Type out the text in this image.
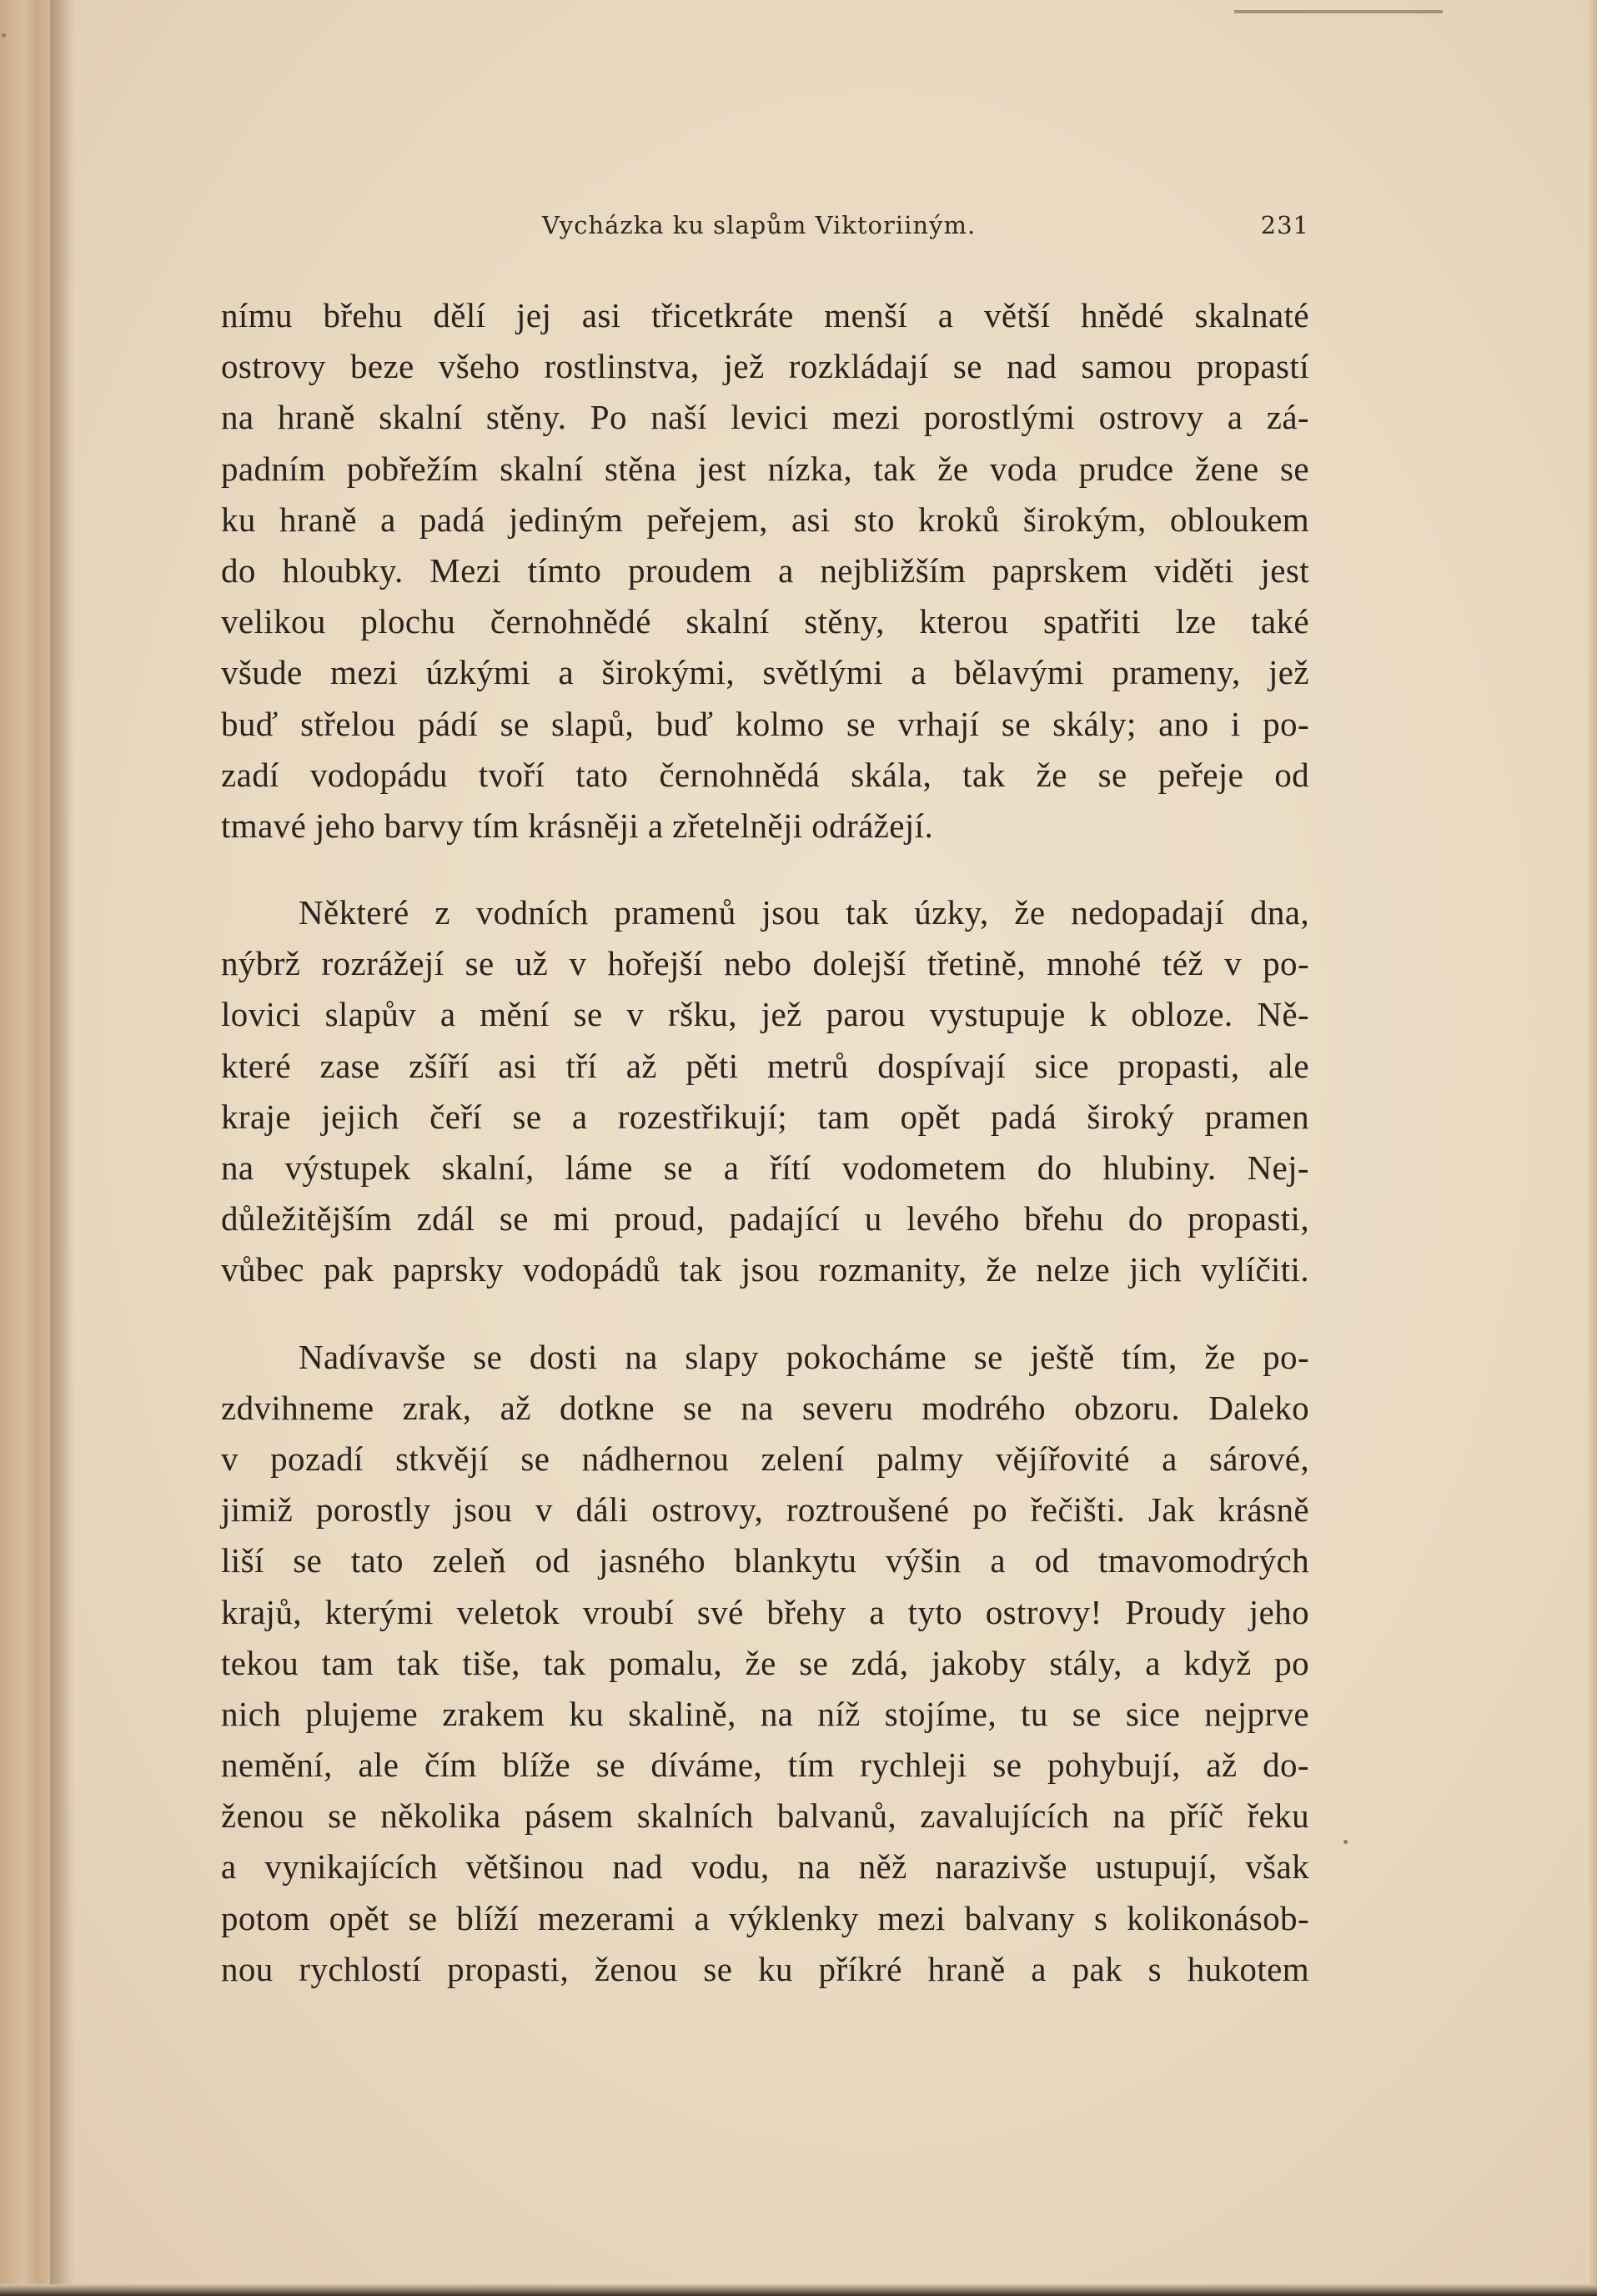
Vycházka ku slapům Viktoriiným.	231
nímu břehu dělí jej asi třicetkráte menší a větší hnědé skalnaté
ostrovy beze všeho rostlinstva, jež rozkládají se nad samou propastí
na hraně skalní stěny. Po naší levici mezi porostlými ostrovy a zá-
padním pobřežím skalní stěna jest nízka, tak že voda prudce žene se
ku hraně a padá jediným peřejem, asi sto kroků širokým, obloukem
do hloubky. Mezi tímto proudem a nejbližším paprskem viděti jest
velikou plochu černohnědé skalní stěny, kterou spatřiti lze také
všude mezi úzkými a širokými, světlými a bělavými prameny, jež
buď střelou pádí se slapů, buď kolmo se vrhají se skály; ano i po-
zadí vodopádu tvoří tato černohnědá skála, tak že se peřeje od
tmavé jeho barvy tím krásněji a zřetelněji odrážejí.
Některé z vodních pramenů jsou tak úzky, že nedopadají dna,
nýbrž rozrážejí se už v hořejší nebo dolejší třetině, mnohé též v po-
lovici slapův a mění se v ršku, jež parou vystupuje k obloze. Ně-
které zase zšíří asi tří až pěti metrů dospívají sice propasti, ale
kraje jejich čeří se a rozestřikují; tam opět padá široký pramen
na výstupek skalní, láme se a řítí vodometem do hlubiny. Nej-
důležitějším zdál se mi proud, padající u levého břehu do propasti,
vůbec pak paprsky vodopádů tak jsou rozmanity, že nelze jich vylíčiti.
Nadívavše se dosti na slapy pokocháme se ještě tím, že po-
zdvihneme zrak, až dotkne se na severu modrého obzoru. Daleko
v pozadí stkvějí se nádhernou zelení palmy vějířovité a sárové,
jimiž porostly jsou v dáli ostrovy, roztroušené po řečišti. Jak krásně
liší se tato zeleň od jasného blankytu výšin a od tmavomodrých
krajů, kterými veletok vroubí své břehy a tyto ostrovy! Proudy jeho
tekou tam tak tiše, tak pomalu, že se zdá, jakoby stály, a když po
nich plujeme zrakem ku skalině, na níž stojíme, tu se sice nejprve
nemění, ale čím blíže se díváme, tím rychleji se pohybují, až do-
ženou se několika pásem skalních balvanů, zavalujících na příč řeku
a vynikajících většinou nad vodu, na něž narazivše ustupují, však
potom opět se blíží mezerami a výklenky mezi balvany s kolikonásob-
nou rychlostí propasti, ženou se ku příkré hraně a pak s hukotem
